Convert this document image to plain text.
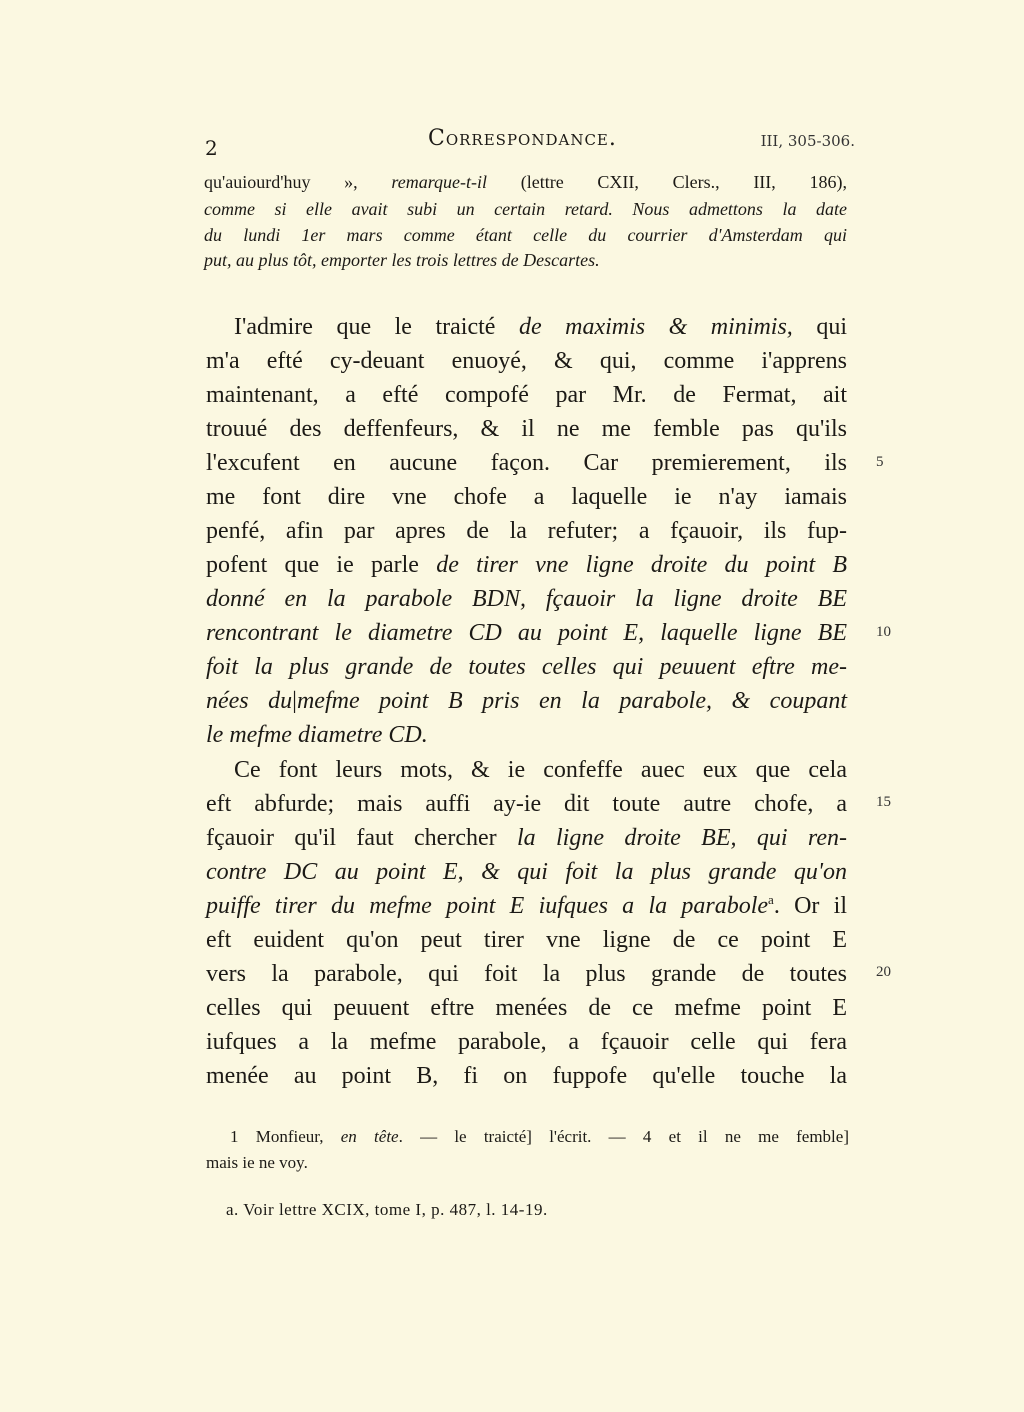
2	Correspondance.	III, 305-306.
qu'auiourd'huy », remarque-t-il (lettre CXII, Clers., III, 186),
comme si elle avait subi un certain retard. Nous admettons la date
du lundi 1er mars comme étant celle du courrier d'Amsterdam qui
put, au plus tôt, emporter les trois lettres de Descartes.
I'admire que le traicté de maximis & minimis, qui
m'a efté cy-deuant enuoyé, & qui, comme i'apprens
maintenant, a efté compofé par Mr. de Fermat, ait
trouué des deffenfeurs, & il ne me femble pas qu'ils
l'excufent en aucune façon. Car premierement, ils
me font dire vne chofe a laquelle ie n'ay iamais
penfé, afin par apres de la refuter; a fçauoir, ils fup-
pofent que ie parle de tirer vne ligne droite du point B
donné en la parabole BDN, fçauoir la ligne droite BE
rencontrant le diametre CD au point E, laquelle ligne BE
foit la plus grande de toutes celles qui peuuent eftre me-
nées du|mefme point B pris en la parabole, & coupant
le mefme diametre CD.
Ce font leurs mots, & ie confeffe auec eux que cela
eft abfurde; mais auffi ay-ie dit toute autre chofe, a
fçauoir qu'il faut chercher la ligne droite BE, qui ren-
contre DC au point E, & qui foit la plus grande qu'on
puiffe tirer du mefme point E iufques a la parabole$^a$. Or il
eft euident qu'on peut tirer vne ligne de ce point E
vers la parabole, qui foit la plus grande de toutes
celles qui peuuent eftre menées de ce mefme point E
iufques a la mefme parabole, a fçauoir celle qui fera
menée au point B, fi on fuppofe qu'elle touche la
5
10
15
20
1 Monfieur, en tête. — le traicté] l'écrit. — 4 et il ne me femble]
mais ie ne voy.
a. Voir lettre XCIX, tome I, p. 487, l. 14-19.
